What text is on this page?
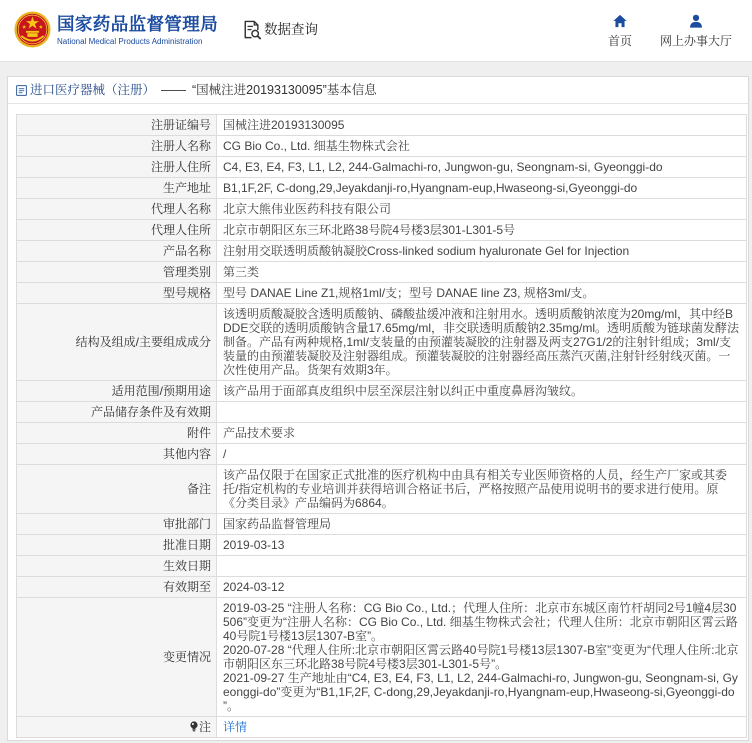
国家药品监督管理局
National Medical Products Administration
数据查询
首页 网上办事大厅
进口医疗器械（注册） —— “国械注进20193130095”基本信息
注册证编号	国械注进20193130095
注册人名称	CG Bio Co., Ltd. 细基生物株式会社
注册人住所	C4, E3, E4, F3, L1, L2, 244-Galmachi-ro, Jungwon-gu, Seongnam-si, Gyeonggi-do
生产地址	B1,1F,2F, C-dong,29,Jeyakdanji-ro,Hyangnam-eup,Hwaseong-si,Gyeonggi-do
代理人名称	北京大熊伟业医药科技有限公司
代理人住所	北京市朝阳区东三环北路38号院4号楼3层301-L301-5号
产品名称	注射用交联透明质酸钠凝胶Cross-linked sodium hyaluronate Gel for Injection
管理类别	第三类
型号规格	型号 DANAE Line Z1,规格1ml/支；型号 DANAE line Z3, 规格3ml/支。
结构及组成/主要组成成分	该透明质酸凝胶含透明质酸钠、磷酸盐缓冲液和注射用水。透明质酸钠浓度为20mg/ml，其中经BDDE交联的透明质酸钠含量17.65mg/ml，非交联透明质酸钠2.35mg/ml。透明质酸为链球菌发酵法制备。产品有两种规格,1ml/支装量的由预灌装凝胶的注射器及两支27G1/2的注射针组成；3ml/支装量的由预灌装凝胶及注射器组成。预灌装凝胶的注射器经高压蒸汽灭菌,注射针经射线灭菌。一次性使用产品。货架有效期3年。
适用范围/预期用途	该产品用于面部真皮组织中层至深层注射以纠正中重度鼻唇沟皱纹。
产品储存条件及有效期	
附件	产品技术要求
其他内容	/
备注	该产品仅限于在国家正式批准的医疗机构中由具有相关专业医师资格的人员，经生产厂家或其委托/指定机构的专业培训并获得培训合格证书后，严格按照产品使用说明书的要求进行使用。原《分类目录》产品编码为6864。
审批部门	国家药品监督管理局
批准日期	2019-03-13
生效日期	
有效期至	2024-03-12
变更情况	2019-03-25 “注册人名称：CG Bio Co., Ltd.；代理人住所：北京市东城区南竹杆胡同2号1幢4层30506”变更为“注册人名称：CG Bio Co., Ltd. 细基生物株式会社；代理人住所：北京市朝阳区霄云路40号院1号楼13层1307-B室”。
2020-07-28 “代理人住所:北京市朝阳区霄云路40号院1号楼13层1307-B室”变更为“代理人住所:北京市朝阳区东三环北路38号院4号楼3层301-L301-5号”。
2021-09-27 生产地址由“C4, E3, E4, F3, L1, L2, 244-Galmachi-ro, Jungwon-gu, Seongnam-si, Gyeonggi-do”变更为“B1,1F,2F, C-dong,29,Jeyakdanji-ro,Hyangnam-eup,Hwaseong-si,Gyeonggi-do ”。

注	详情
